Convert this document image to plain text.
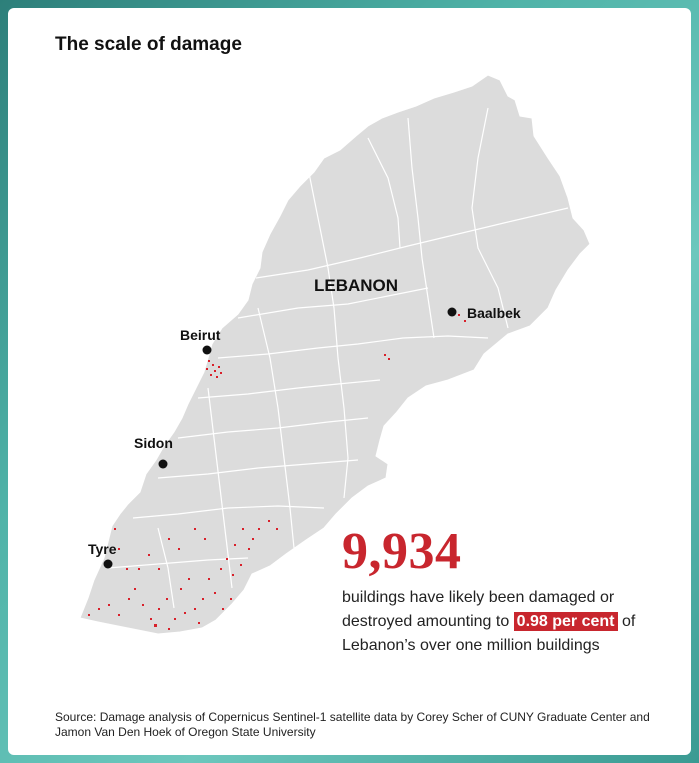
The scale of damage
LEBANON
Beirut
Sidon
Tyre
Baalbek
9,934
buildings have likely been damaged or destroyed amounting to 0.98 per cent of Lebanon’s over one million buildings
Source: Damage analysis of Copernicus Sentinel-1 satellite data by Corey Scher of CUNY Graduate Center and Jamon Van Den Hoek of Oregon State University
